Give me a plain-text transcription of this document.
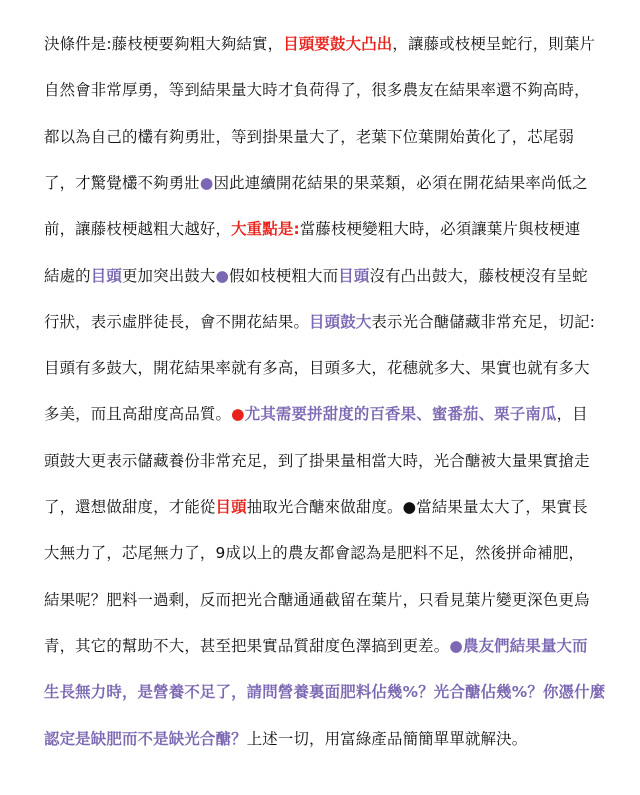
決條件是:藤枝梗要夠粗大夠結實，目頭要鼓大凸出，讓藤或枝梗呈蛇行，則葉片
自然會非常厚勇，等到結果量大時才負荷得了，很多農友在結果率還不夠高時，
都以為自己的欉有夠勇壯，等到掛果量大了，老葉下位葉開始黃化了，芯尾弱
了，才驚覺欉不夠勇壯●因此連續開花結果的果菜類，必須在開花結果率尚低之
前，讓藤枝梗越粗大越好，大重點是:當藤枝梗變粗大時，必須讓葉片與枝梗連
結處的目頭更加突出鼓大●假如枝梗粗大而目頭沒有凸出鼓大，藤枝梗沒有呈蛇
行狀，表示虛胖徒長，會不開花結果。目頭鼓大表示光合醣儲藏非常充足，切記:
目頭有多鼓大，開花結果率就有多高，目頭多大，花穗就多大、果實也就有多大
多美，而且高甜度高品質。●尤其需要拼甜度的百香果、蜜番茄、栗子南瓜，目
頭鼓大更表示儲藏養份非常充足，到了掛果量相當大時，光合醣被大量果實搶走
了，還想做甜度，才能從目頭抽取光合醣來做甜度。●當結果量太大了，果實長
大無力了，芯尾無力了，9成以上的農友都會認為是肥料不足，然後拼命補肥，
結果呢？肥料一過剩，反而把光合醣通通截留在葉片，只看見葉片變更深色更烏
青，其它的幫助不大，甚至把果實品質甜度色澤搞到更差。●農友們結果量大而
生長無力時，是營養不足了，請問營養裏面肥料佔幾%？光合醣佔幾%？你憑什麼
認定是缺肥而不是缺光合醣？上述一切，用富綠產品簡簡單單就解決。
